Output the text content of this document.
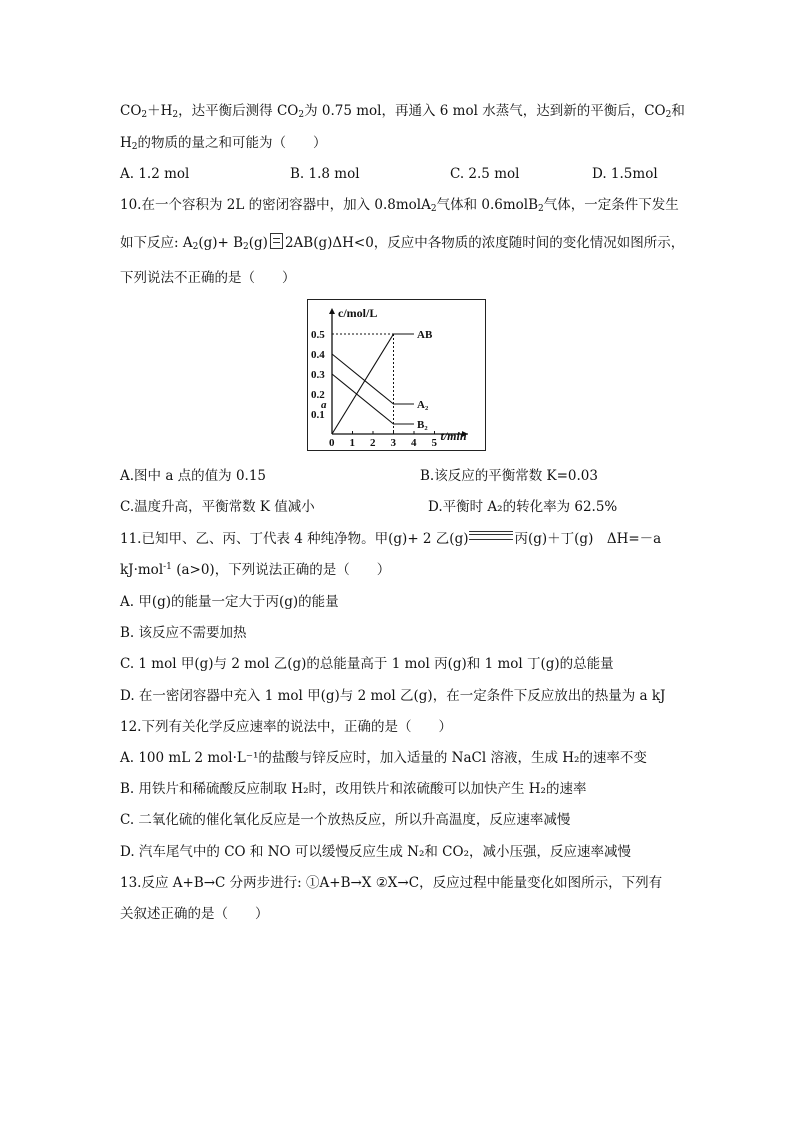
$CO_2+H_2$，达平衡后测得 $CO_2$为 0.75 mol，再通入 6 mol 水蒸气，达到新的平衡后，$CO_2$和
$H_2$的物质的量之和可能为（　　）
A. 1.2 mol	B. 1.8 mol	C. 2.5 mol	D. 1.5mol
10.在一个容积为 2L 的密闭容器中，加入 0.8molA$_2$气体和 0.6molB$_2$气体，一定条件下发生
如下反应: $A_2(g)+ B_2(g)$ 2AB(g)ΔH<0，反应中各物质的浓度随时间的变化情况如图所示，
下列说法不正确的是（　　）
c/mol/L
t/min
0 1 2 3 4 5
0.5
0.4
0.3
0.2
a
0.1
AB
A₂
B₂
A.图中 a 点的值为 0.15	B.该反应的平衡常数 K=0.03
C.温度升高，平衡常数 K 值减小	D.平衡时 A₂的转化率为 62.5%
11.已知甲、乙、丙、丁代表 4 种纯净物。甲(g)+ 2 乙(g)	丙(g)＋丁(g)　ΔH=－a
kJ·mol$^{-1}$ (a>0)，下列说法正确的是（　　）
A. 甲(g)的能量一定大于丙(g)的能量
B. 该反应不需要加热
C. 1 mol 甲(g)与 2 mol 乙(g)的总能量高于 1 mol 丙(g)和 1 mol 丁(g)的总能量
D. 在一密闭容器中充入 1 mol 甲(g)与 2 mol 乙(g)，在一定条件下反应放出的热量为 a kJ
12.下列有关化学反应速率的说法中，正确的是（　　）
A. 100 mL 2 mol·L⁻¹的盐酸与锌反应时，加入适量的 NaCl 溶液，生成 H₂的速率不变
B. 用铁片和稀硫酸反应制取 H₂时，改用铁片和浓硫酸可以加快产生 H₂的速率
C. 二氧化硫的催化氧化反应是一个放热反应，所以升高温度，反应速率减慢
D. 汽车尾气中的 CO 和 NO 可以缓慢反应生成 N₂和 CO₂，减小压强，反应速率减慢
13.反应 A+B→C 分两步进行: ①A+B→X ②X→C，反应过程中能量变化如图所示，下列有
关叙述正确的是（　　）
